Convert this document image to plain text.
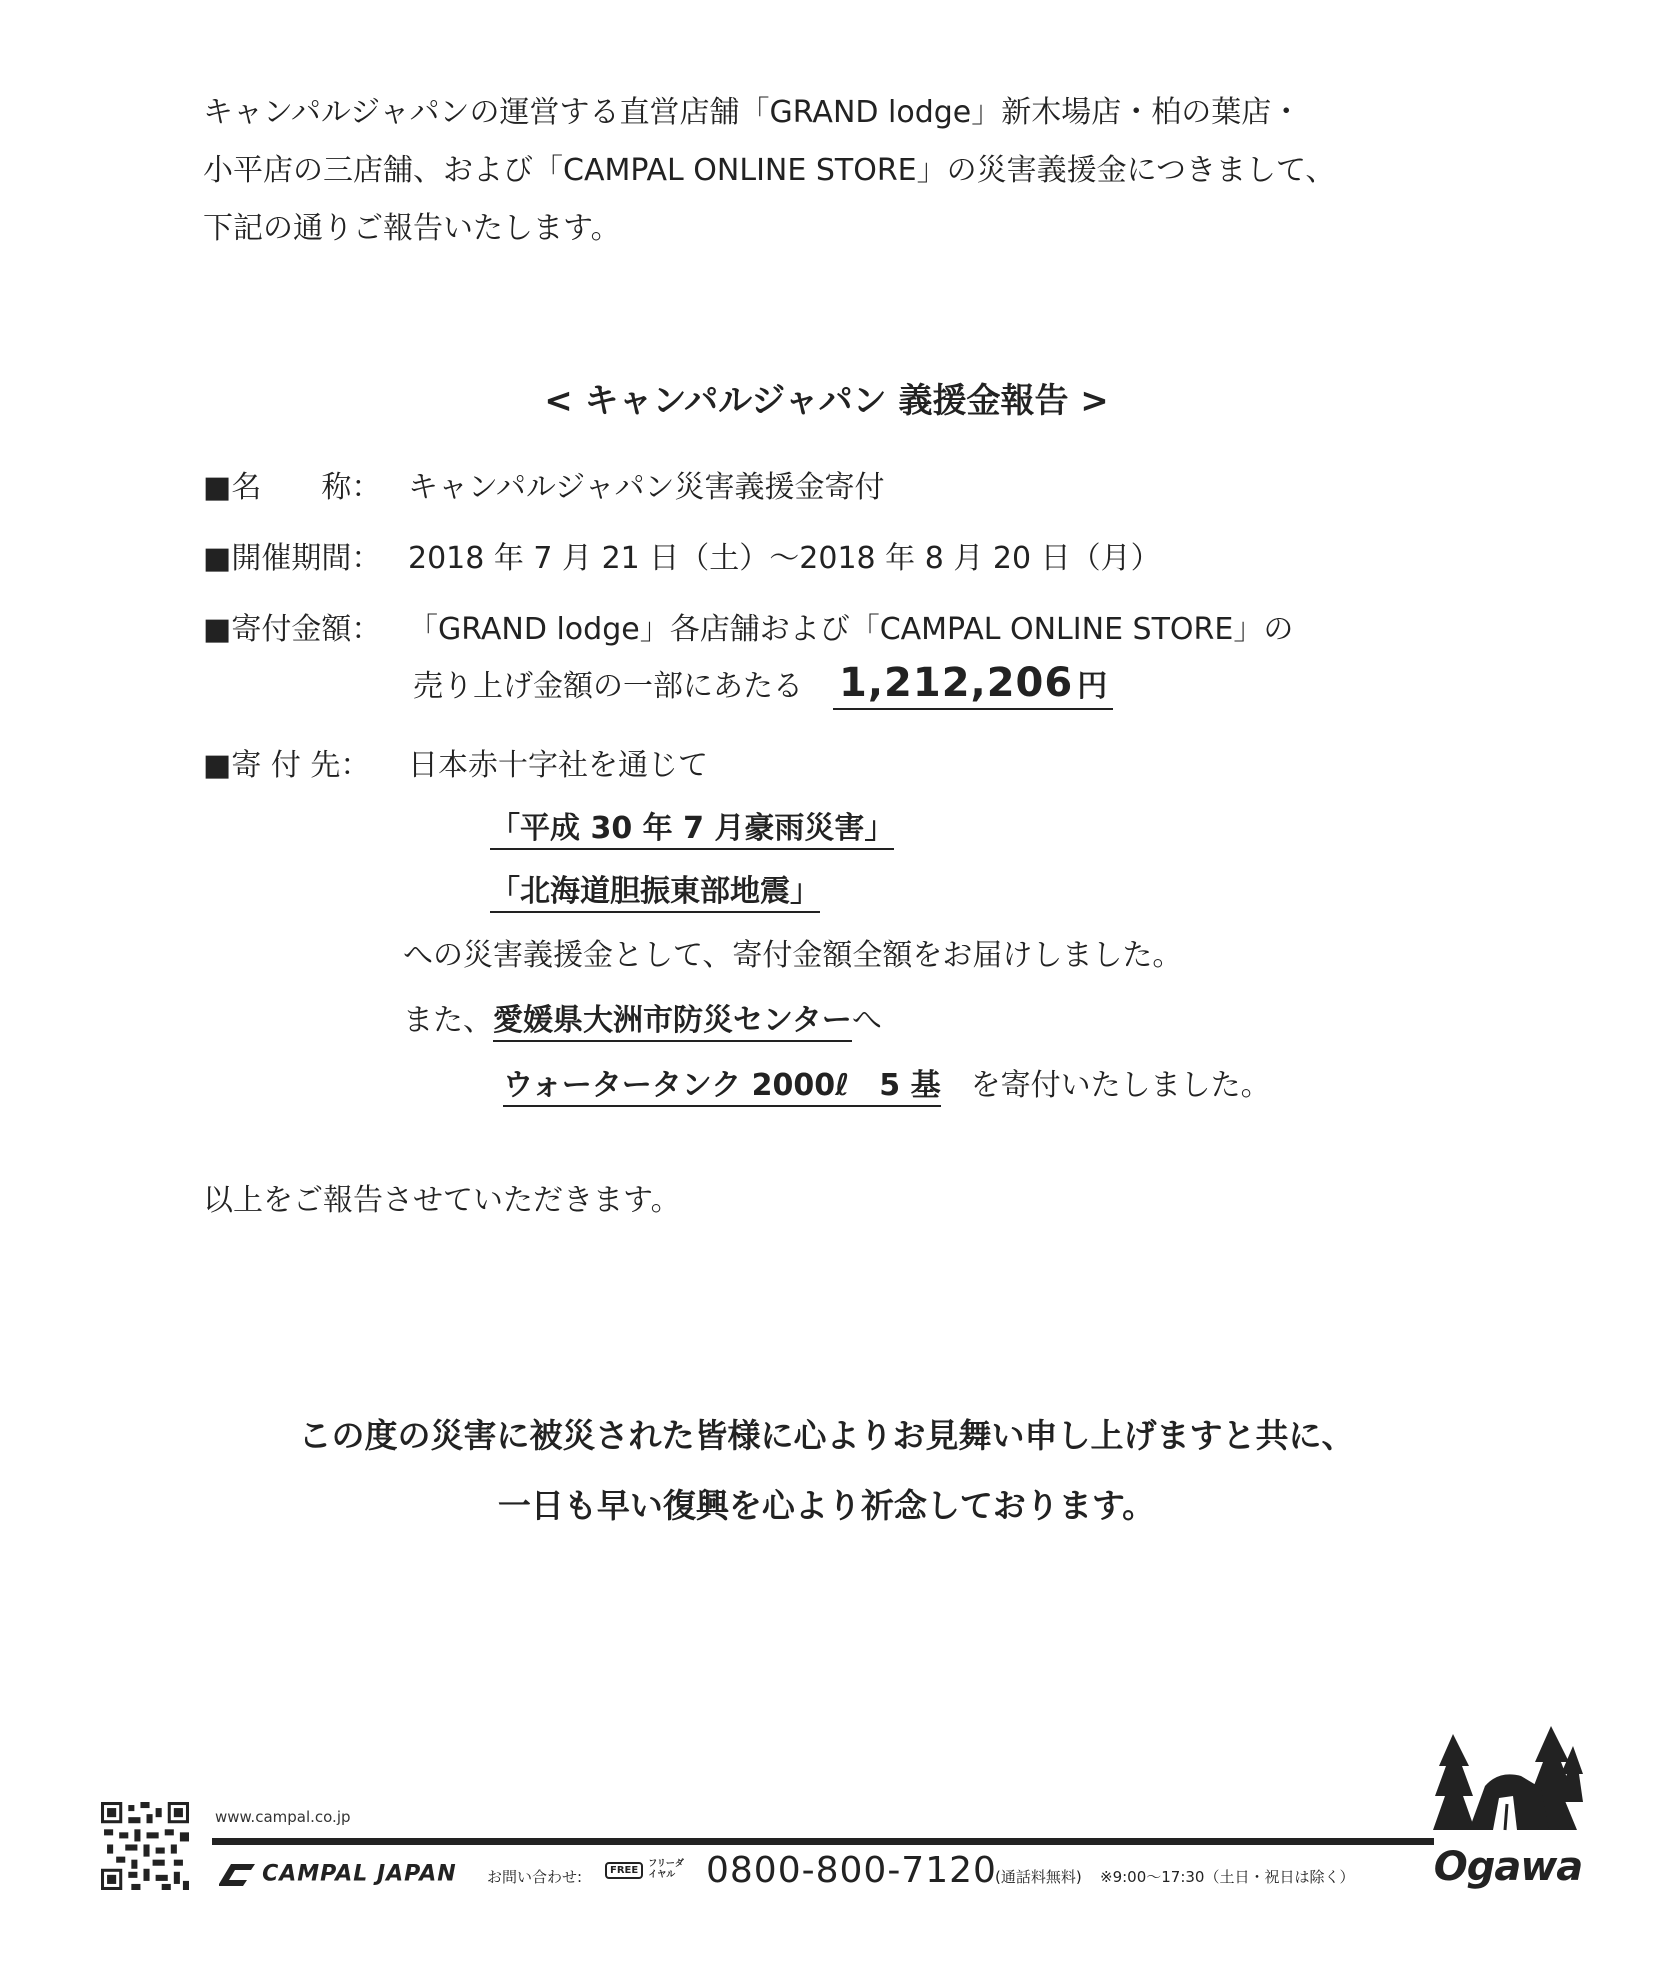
キャンパルジャパンの運営する直営店舗「GRAND lodge」新木場店・柏の葉店・

小平店の三店舗、および「CAMPAL ONLINE STORE」の災害義援金につきまして、

下記の通りご報告いたします。

< キャンパルジャパン 義援金報告 >
■名　　称： キャンパルジャパン災害義援金寄付
■開催期間： 2018 年 7 月 21 日（土）～2018 年 8 月 20 日（月）
■寄付金額： 「GRAND lodge」各店舗および「CAMPAL ONLINE STORE」の
売り上げ金額の一部にあたる 1,212,206 円
■寄 付 先： 日本赤十字社を通じて
「平成 30 年 7 月豪雨災害」
「北海道胆振東部地震」
への災害義援金として、寄付金額全額をお届けしました。
また、愛媛県大洲市防災センターへ
ウォータータンク 2000ℓ　5 基　を寄付いたしました。
以上をご報告させていただきます。
この度の災害に被災された皆様に心よりお見舞い申し上げますと共に、
一日も早い復興を心より祈念しております。
www.campal.co.jp
CAMPAL JAPAN お問い合わせ:	FREE フリーダイヤル 0800-800-7120
(通話料無料) ※9:00～17:30（土日・祝日は除く） Ogawa
